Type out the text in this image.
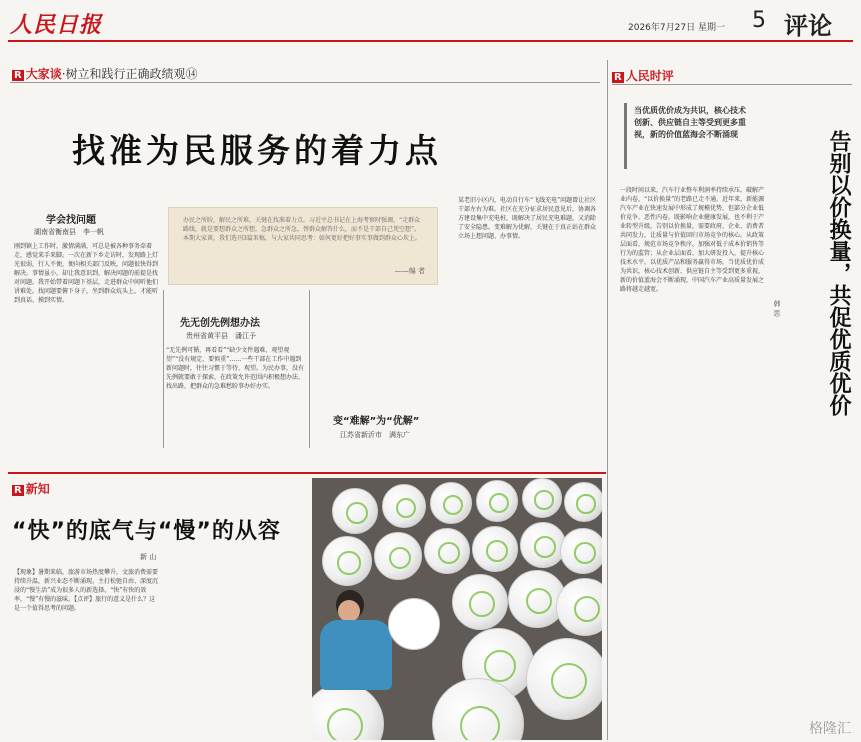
人民日报	2026年7月27日 星期一 5 评论
R 大家谈·树立和践行正确政绩观⑭
找准为民服务的着力点
办民之所盼，解民之所难，关键在找准着力点。习近平总书记在上海考察时强调，“走群众路线，就是要想群众之所想，急群众之所急，替群众解答什么，而不是干部自己凭空想”。本期大家谈，我们选刊3篇来稿，与大家共同思考：如何更好把好事实事做到群众心坎上。
——编 者
学会找问题
湖南省衡南县　李一帆
刚到镇上工作时，激情满满，可总是被各种事务牵着走，感觉来手来脚。一次在新下乡走访时，发现路上灯光很弱，行人不便，便向相关部门反映，问题很快得到解决。事情虽小，却让我意识到，解决问题的前提是找对问题。我开始带着问题下基层，走进群众中间听他们讲难处。找问题要俯下身子，坐到群众炕头上，才能听到真话、摸到实情。
先无创先例想办法
贵州省黄平县　潘江予
“无先例可循，再看看”“缺少文件遇难，观望观望”“没有规定，要慎重”……一些干部在工作中遇到新问题时，往往习惯于等待、观望。为民办事，没有先例就要敢于探索，在政策允许范围内积极想办法、找出路，把群众的急难愁盼事办好办实。
变“难解”为“优解”
江苏省新沂市　满东广
某老旧小区内，电动自行车“飞线充电”问题曾让社区干部左右为难。社区在充分征求居民意见后，协调各方建设集中充电桩，既解决了居民充电难题，又消除了安全隐患。变难解为优解，关键在于真正站在群众立场上想问题、办事情。
R 人民时评
当优质优价成为共识，核心技术创新、供应链自主等受到更多重视，新的价值蓝海会不断涌现	告别以价换量，共促优质优价
韩 思
一段时间以来，汽车行业整车利润率持续承压。破解产业内卷，“以价换量”的老路已走不通。近年来，新能源汽车产业在快速发展中形成了规模优势，但部分企业低价竞争、恶性内卷，既影响企业健康发展，也不利于产业转型升级。告别以价换量，需要政府、企业、消费者共同发力，让质量与价值回归市场竞争的核心。从政策层面看，规范市场竞争秩序，加强对低于成本价销售等行为的监管；从企业层面看，加大研发投入，提升核心技术水平，以优质产品和服务赢得市场。当优质优价成为共识，核心技术创新、供应链自主等受到更多重视，新的价值蓝海会不断涌现，中国汽车产业高质量发展之路将越走越宽。
R 新知
“快”的底气与“慢”的从容
新 山
【现象】暑期来临，旅游市场热度攀升，文旅消费需要持续升温，新兴业态不断涌现。主打松弛自由、深度沉浸的“慢生活”成为很多人的新选择。“快”有快的效率，“慢”有慢的滋味。【点评】旅行的意义是什么？这是一个值得思考的问题。
格隆汇
